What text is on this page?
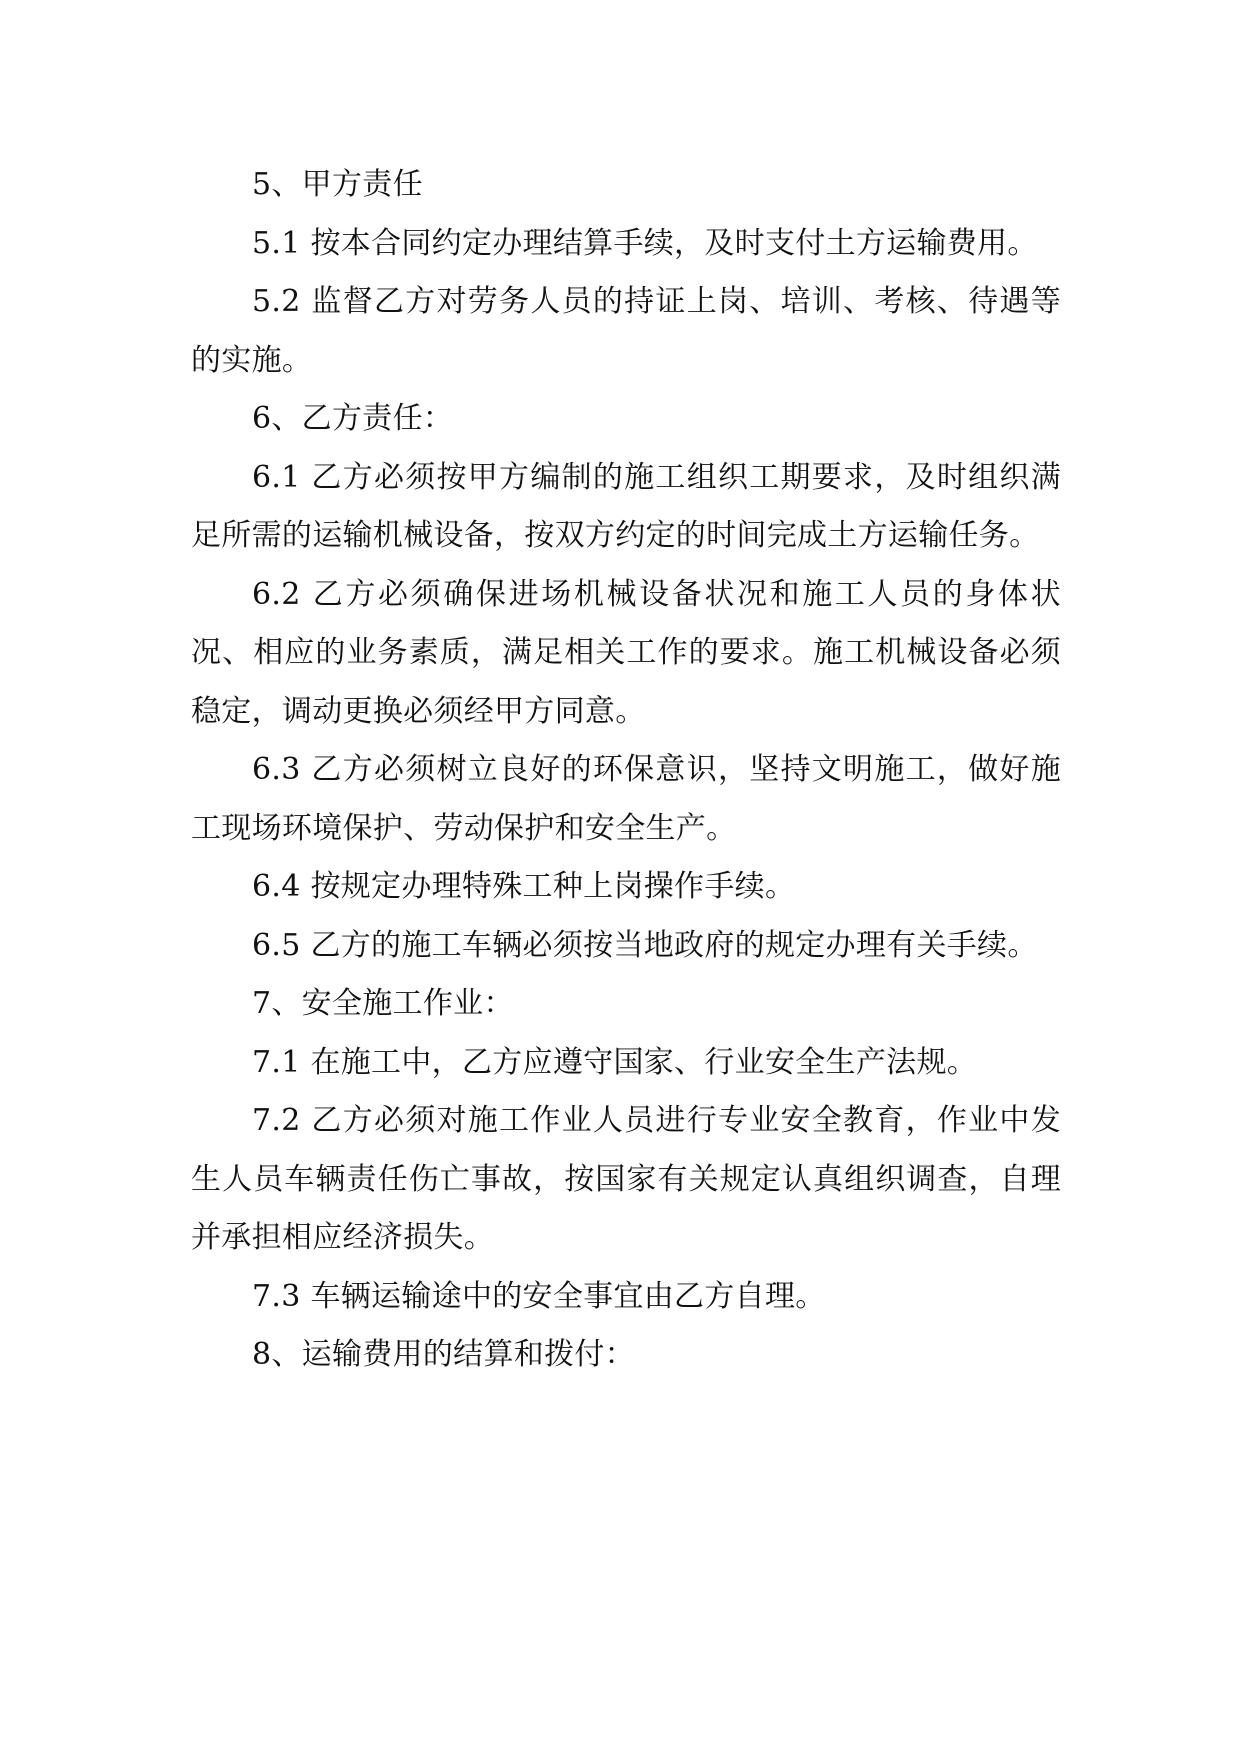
5、甲方责任

5.1 按本合同约定办理结算手续，及时支付土方运输费用。

5.2 监督乙方对劳务人员的持证上岗、培训、考核、待遇等的实施。

6、乙方责任：

6.1 乙方必须按甲方编制的施工组织工期要求，及时组织满足所需的运输机械设备，按双方约定的时间完成土方运输任务。

6.2 乙方必须确保进场机械设备状况和施工人员的身体状况、相应的业务素质，满足相关工作的要求。施工机械设备必须稳定，调动更换必须经甲方同意。

6.3 乙方必须树立良好的环保意识，坚持文明施工，做好施工现场环境保护、劳动保护和安全生产。

6.4 按规定办理特殊工种上岗操作手续。

6.5 乙方的施工车辆必须按当地政府的规定办理有关手续。

7、安全施工作业：

7.1 在施工中，乙方应遵守国家、行业安全生产法规。

7.2 乙方必须对施工作业人员进行专业安全教育，作业中发生人员车辆责任伤亡事故，按国家有关规定认真组织调查，自理并承担相应经济损失。

7.3 车辆运输途中的安全事宜由乙方自理。

8、运输费用的结算和拨付：
